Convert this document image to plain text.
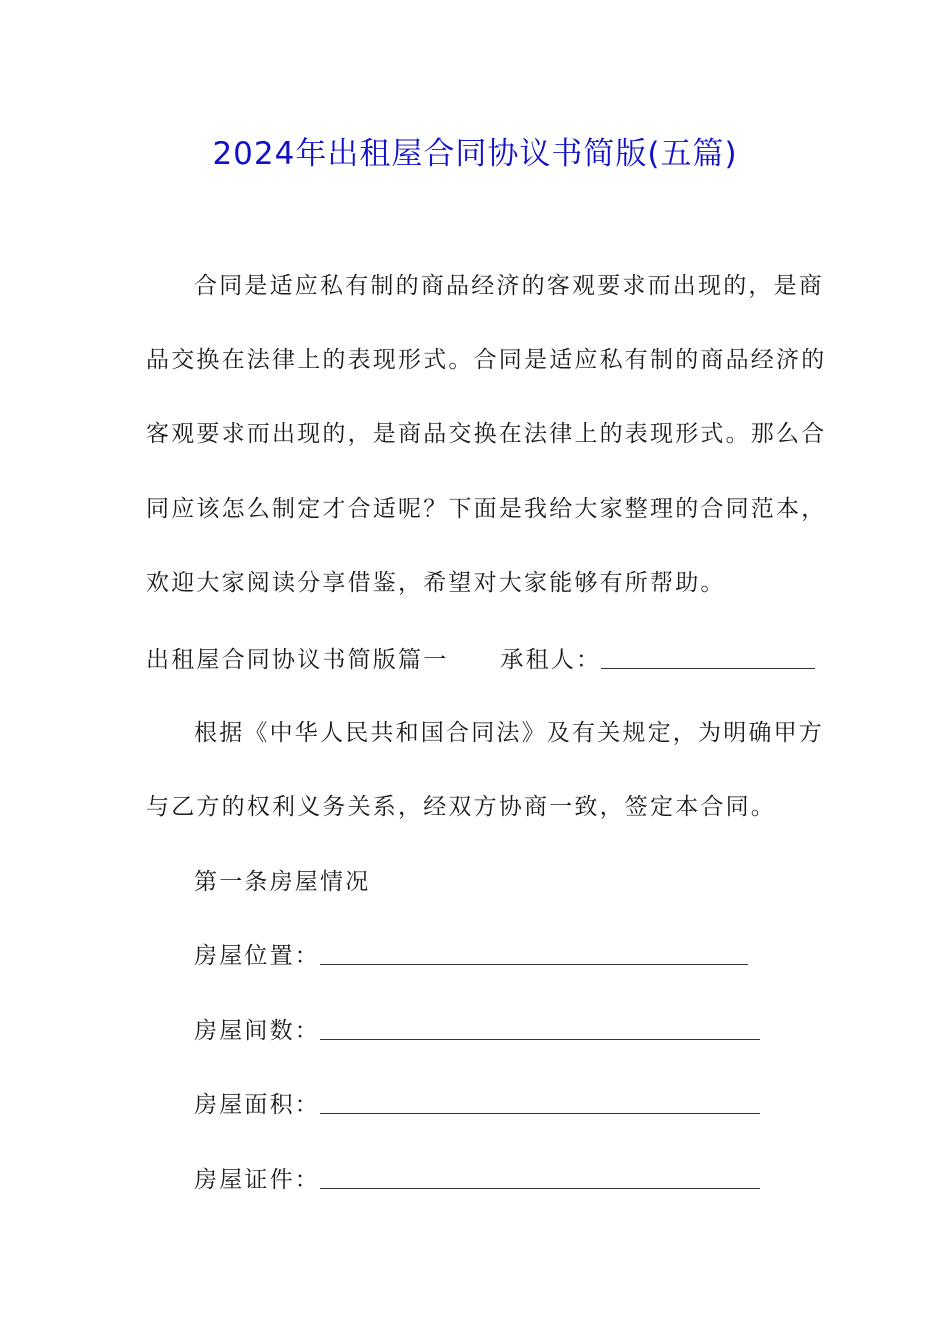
2024年出租屋合同协议书简版(五篇)
合同是适应私有制的商品经济的客观要求而出现的，是商
品交换在法律上的表现形式。合同是适应私有制的商品经济的
客观要求而出现的，是商品交换在法律上的表现形式。那么合
同应该怎么制定才合适呢？下面是我给大家整理的合同范本，
欢迎大家阅读分享借鉴，希望对大家能够有所帮助。
出租屋合同协议书简版篇一 承租人：
根据《中华人民共和国合同法》及有关规定，为明确甲方
与乙方的权利义务关系，经双方协商一致，签定本合同。
第一条房屋情况
房屋位置：
房屋间数：
房屋面积：
房屋证件：
